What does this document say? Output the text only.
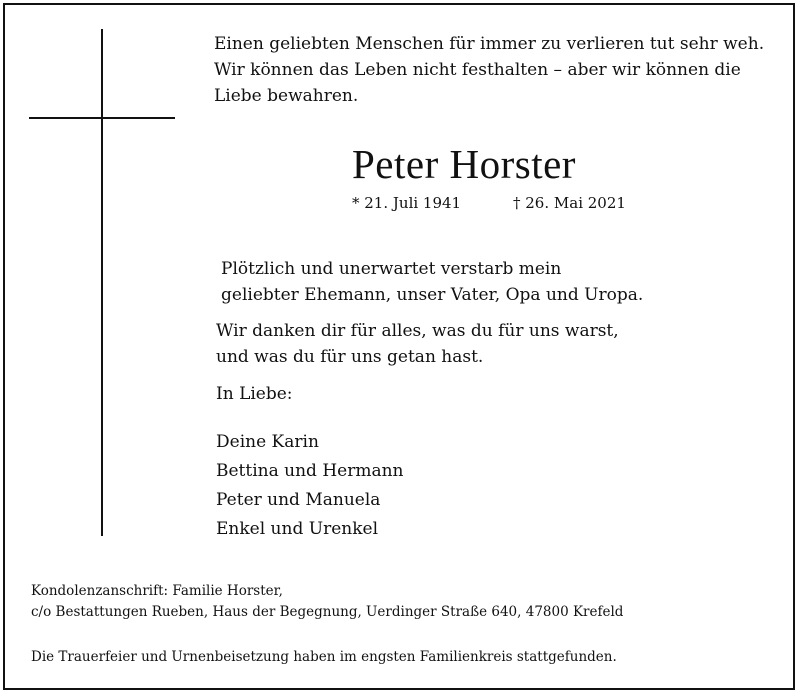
Einen geliebten Menschen für immer zu verlieren tut sehr weh.
Wir können das Leben nicht festhalten – aber wir können die
Liebe bewahren.
Peter Horster
* 21. Juli 1941	† 26. Mai 2021
Plötzlich und unerwartet verstarb mein
geliebter Ehemann, unser Vater, Opa und Uropa.
Wir danken dir für alles, was du für uns warst,
und was du für uns getan hast.
In Liebe:
Deine Karin
Bettina und Hermann
Peter und Manuela
Enkel und Urenkel
Kondolenzanschrift: Familie Horster,
c/o Bestattungen Rueben, Haus der Begegnung, Uerdinger Straße 640, 47800 Krefeld
Die Trauerfeier und Urnenbeisetzung haben im engsten Familienkreis stattgefunden.
